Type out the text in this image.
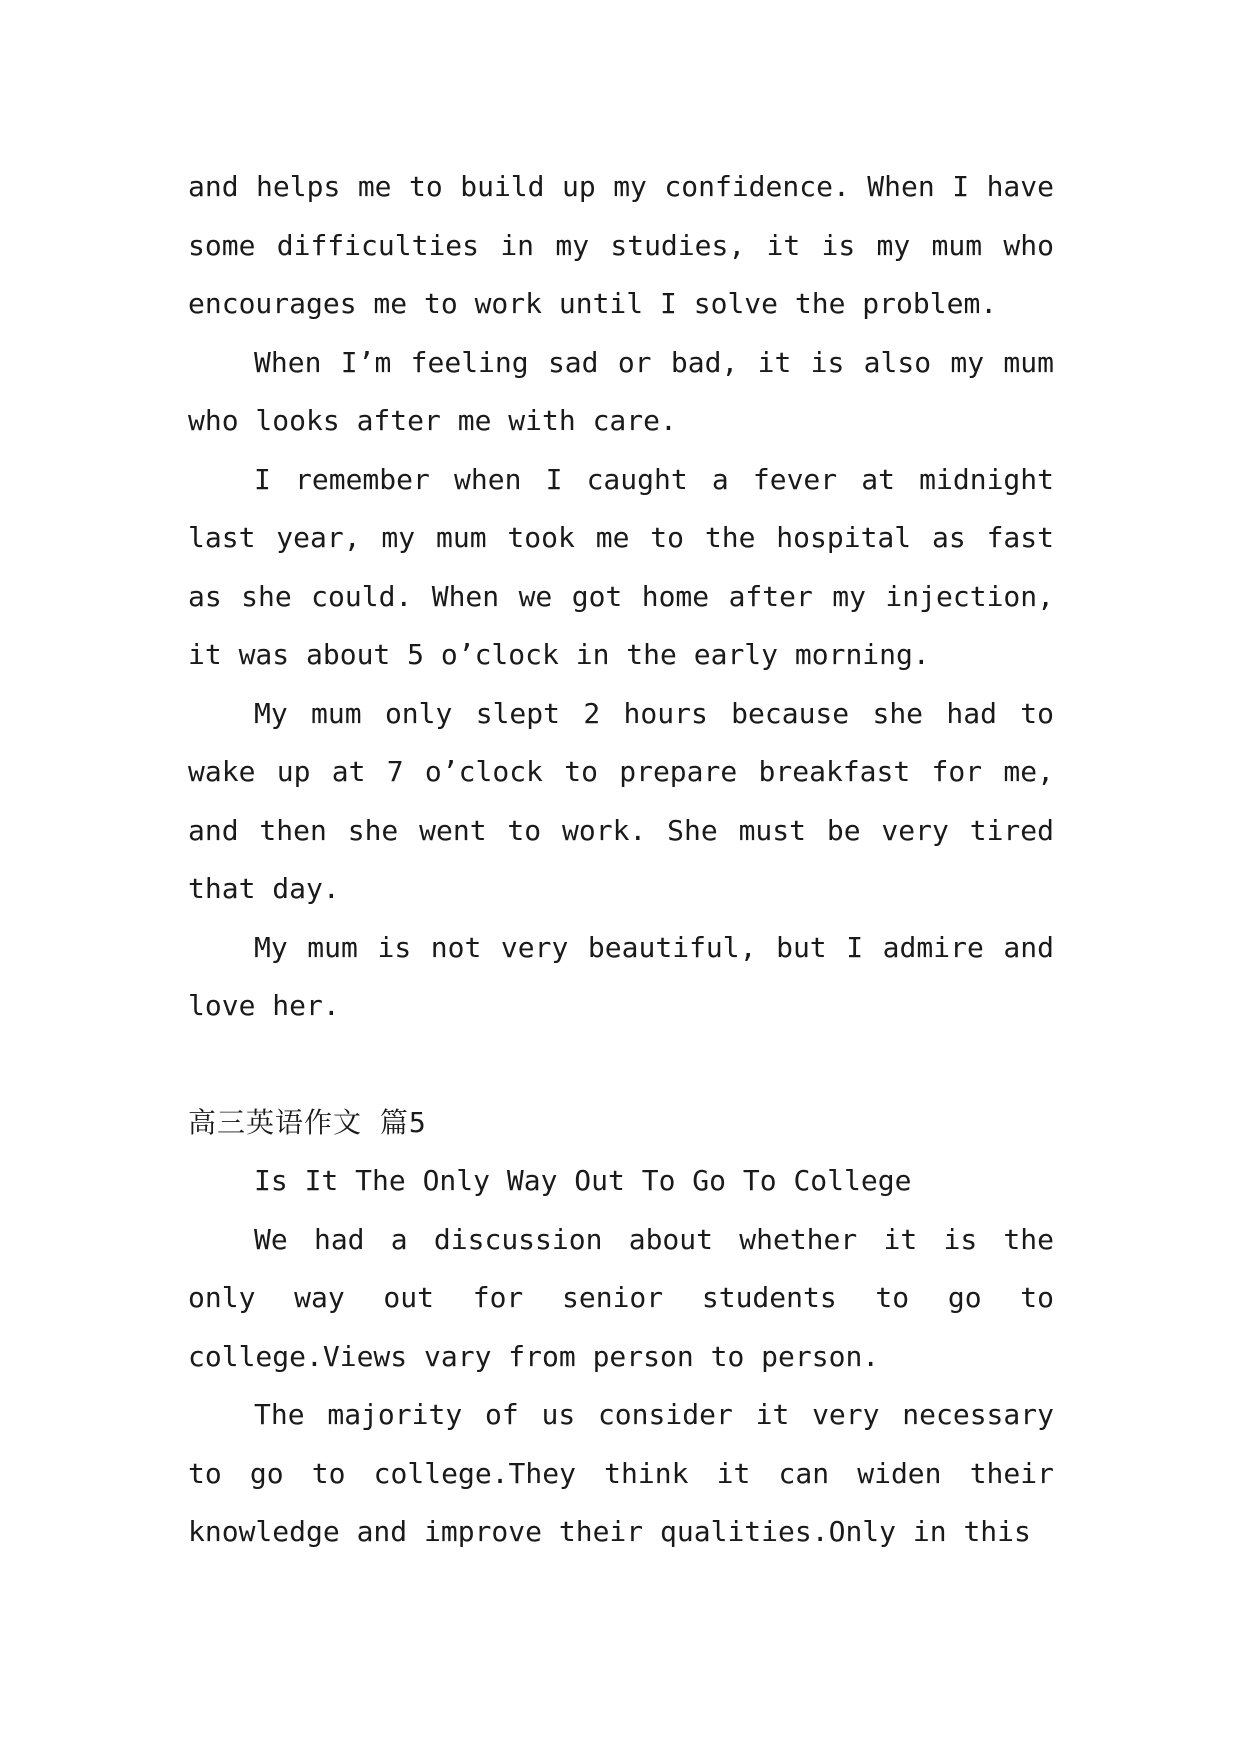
and helps me to build up my confidence. When I have some difficulties in my studies, it is my mum who encourages me to work until I solve the problem.

When I’m feeling sad or bad, it is also my mum who looks after me with care.

I remember when I caught a fever at midnight last year, my mum took me to the hospital as fast as she could. When we got home after my injection, it was about 5 o’clock in the early morning.

My mum only slept 2 hours because she had to wake up at 7 o’clock to prepare breakfast for me, and then she went to work. She must be very tired that day.

My mum is not very beautiful, but I admire and love her.

高三英语作文 篇5

Is It The Only Way Out To Go To College

We had a discussion about whether it is the only way out for senior students to go to college.Views vary from person to person.

The majority of us consider it very necessary to go to college.They think it can widen their knowledge and improve their qualities.Only in this
